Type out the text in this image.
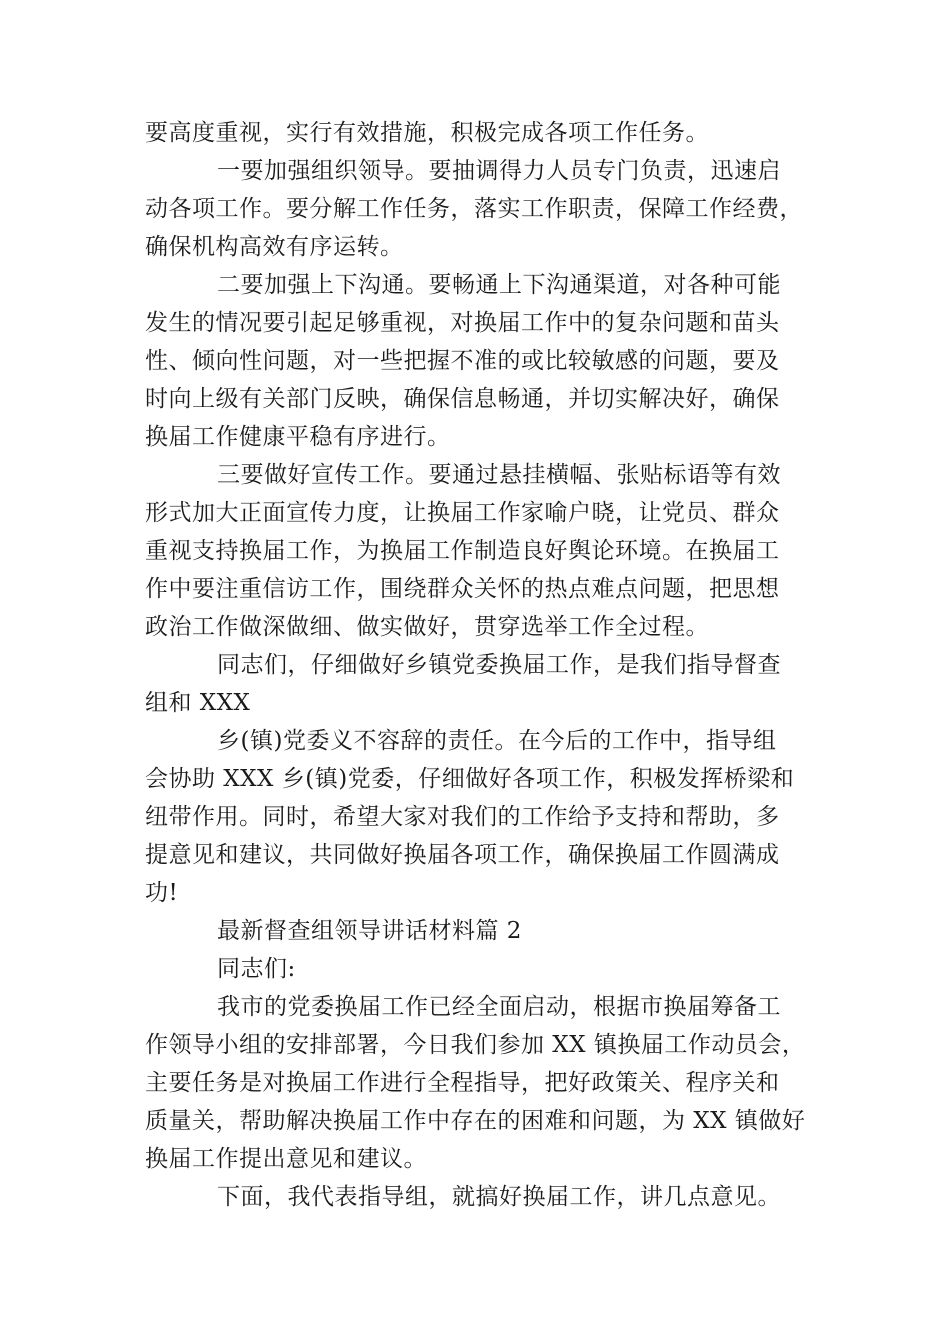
要高度重视，实行有效措施，积极完成各项工作任务。
一要加强组织领导。要抽调得力人员专门负责，迅速启
动各项工作。要分解工作任务，落实工作职责，保障工作经费，
确保机构高效有序运转。
二要加强上下沟通。要畅通上下沟通渠道，对各种可能
发生的情况要引起足够重视，对换届工作中的复杂问题和苗头
性、倾向性问题，对一些把握不准的或比较敏感的问题，要及
时向上级有关部门反映，确保信息畅通，并切实解决好，确保
换届工作健康平稳有序进行。
三要做好宣传工作。要通过悬挂横幅、张贴标语等有效
形式加大正面宣传力度，让换届工作家喻户晓，让党员、群众
重视支持换届工作，为换届工作制造良好舆论环境。在换届工
作中要注重信访工作，围绕群众关怀的热点难点问题，把思想
政治工作做深做细、做实做好，贯穿选举工作全过程。
同志们，仔细做好乡镇党委换届工作，是我们指导督查
组和 XXX
乡(镇)党委义不容辞的责任。在今后的工作中，指导组
会协助 XXX 乡(镇)党委，仔细做好各项工作，积极发挥桥梁和
纽带作用。同时，希望大家对我们的工作给予支持和帮助，多
提意见和建议，共同做好换届各项工作，确保换届工作圆满成
功!
最新督查组领导讲话材料篇 2
同志们:
我市的党委换届工作已经全面启动，根据市换届筹备工
作领导小组的安排部署，今日我们参加 XX 镇换届工作动员会，
主要任务是对换届工作进行全程指导，把好政策关、程序关和
质量关，帮助解决换届工作中存在的困难和问题，为 XX 镇做好
换届工作提出意见和建议。
下面，我代表指导组，就搞好换届工作，讲几点意见。
